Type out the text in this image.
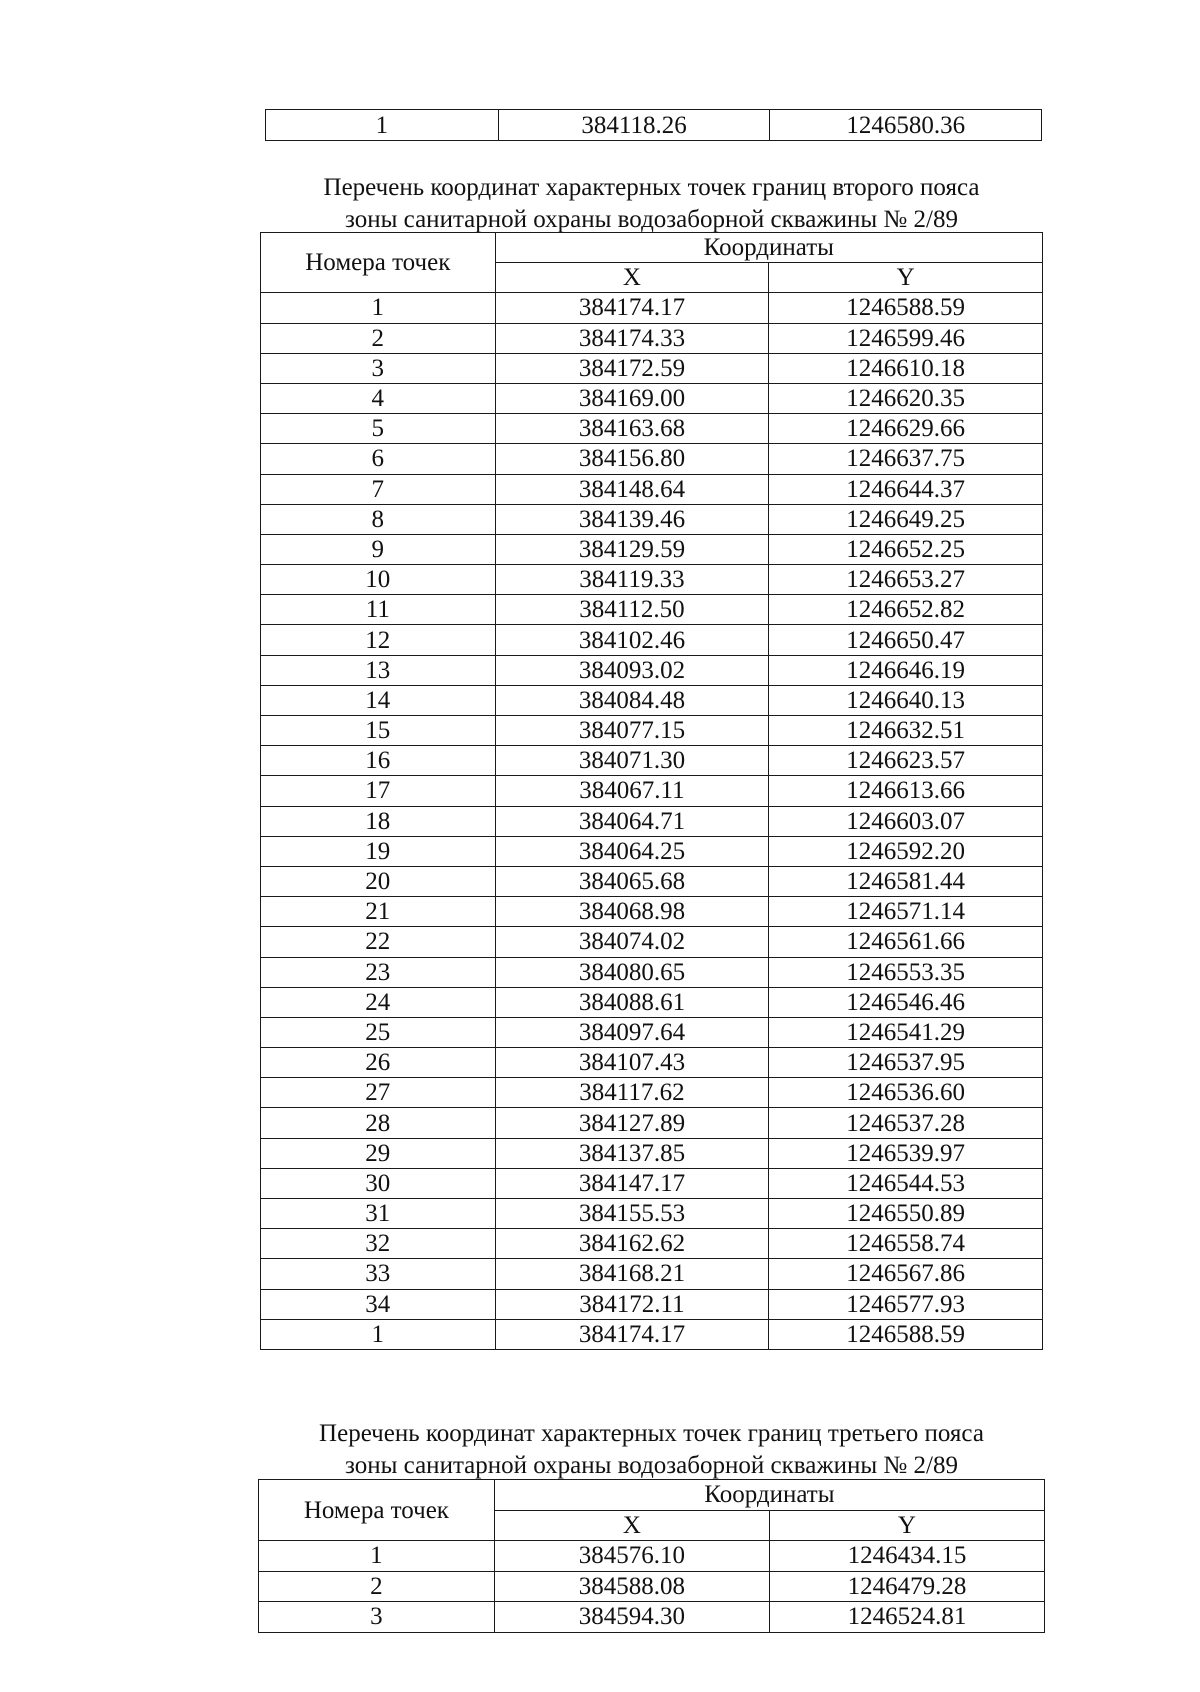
1	384118.26	1246580.36
Перечень координат характерных точек границ второго пояса
зоны санитарной охраны водозаборной скважины № 2/89
Номера точек	Координаты	
	X	Y
1	384174.17	1246588.59
2	384174.33	1246599.46
3	384172.59	1246610.18
4	384169.00	1246620.35
5	384163.68	1246629.66
6	384156.80	1246637.75
7	384148.64	1246644.37
8	384139.46	1246649.25
9	384129.59	1246652.25
10	384119.33	1246653.27
11	384112.50	1246652.82
12	384102.46	1246650.47
13	384093.02	1246646.19
14	384084.48	1246640.13
15	384077.15	1246632.51
16	384071.30	1246623.57
17	384067.11	1246613.66
18	384064.71	1246603.07
19	384064.25	1246592.20
20	384065.68	1246581.44
21	384068.98	1246571.14
22	384074.02	1246561.66
23	384080.65	1246553.35
24	384088.61	1246546.46
25	384097.64	1246541.29
26	384107.43	1246537.95
27	384117.62	1246536.60
28	384127.89	1246537.28
29	384137.85	1246539.97
30	384147.17	1246544.53
31	384155.53	1246550.89
32	384162.62	1246558.74
33	384168.21	1246567.86
34	384172.11	1246577.93
1	384174.17	1246588.59
Перечень координат характерных точек границ третьего пояса
зоны санитарной охраны водозаборной скважины № 2/89
Номера точек	Координаты	
	X	Y
1	384576.10	1246434.15
2	384588.08	1246479.28
3	384594.30	1246524.81
